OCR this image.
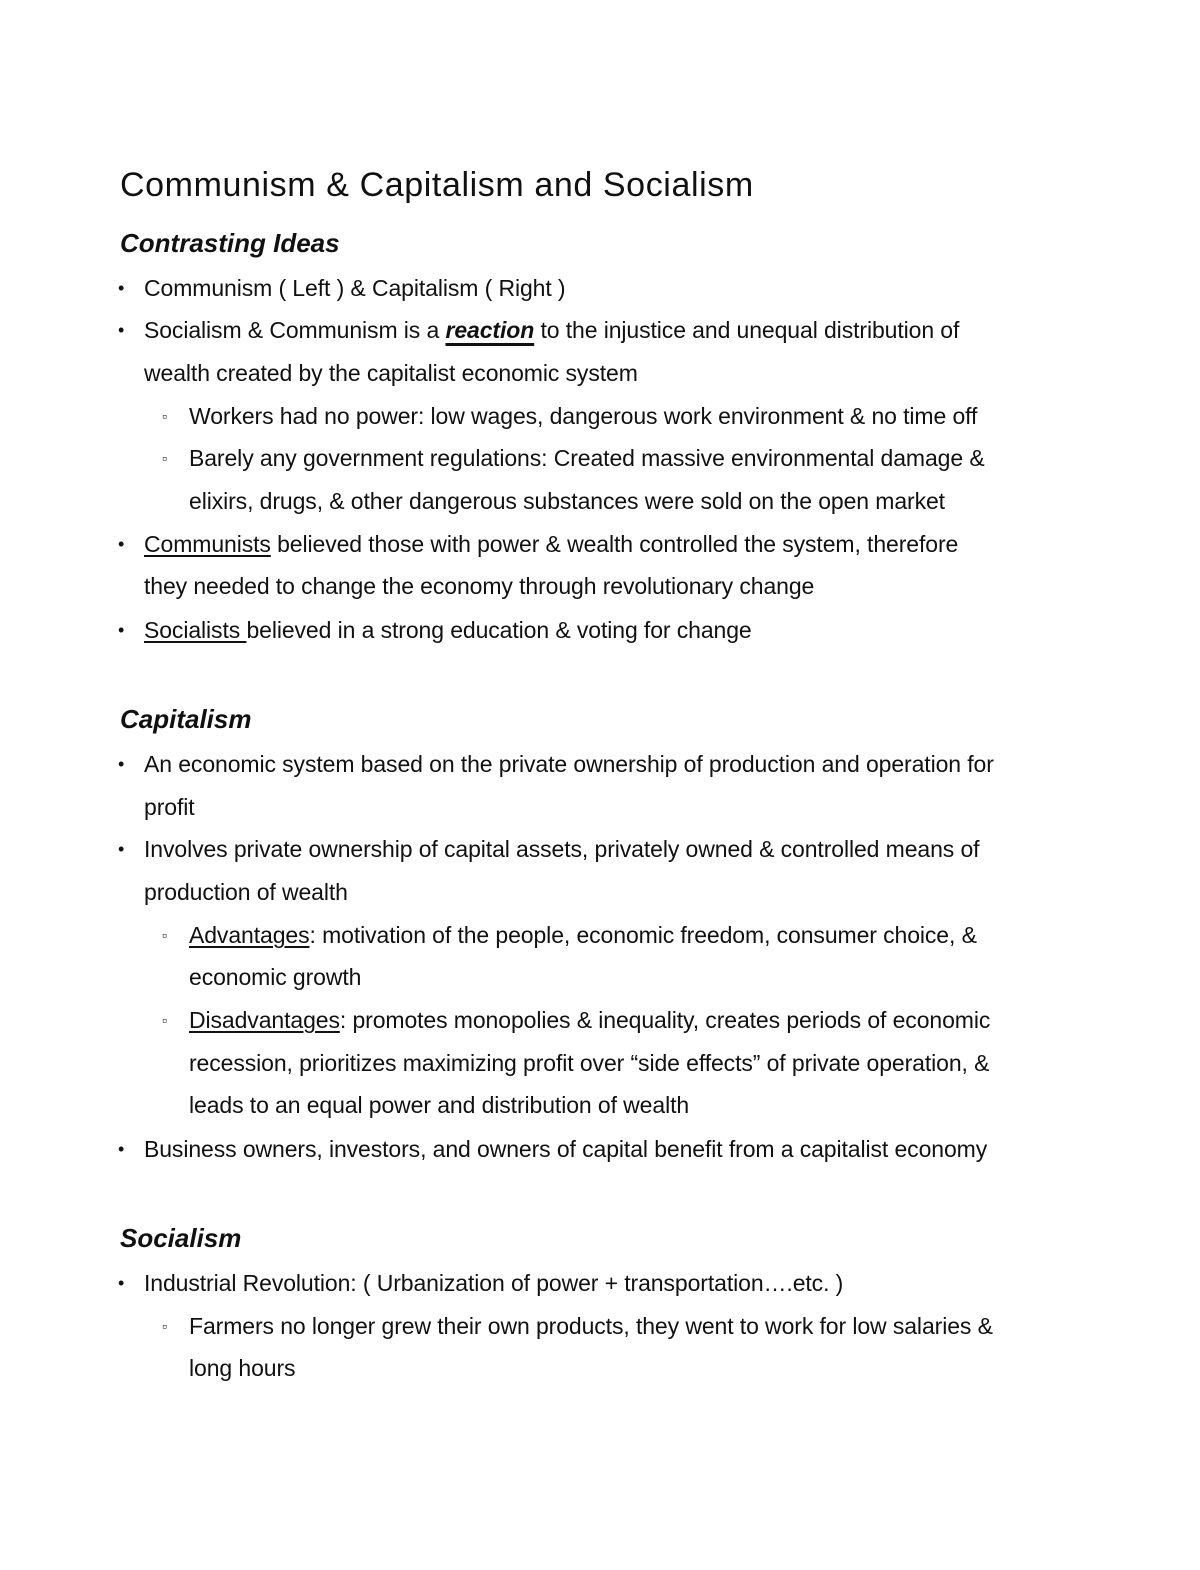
Communism & Capitalism and Socialism
Contrasting Ideas
• Communism ( Left ) & Capitalism ( Right )
• Socialism & Communism is a reaction to the injustice and unequal distribution of
wealth created by the capitalist economic system
▫ Workers had no power: low wages, dangerous work environment & no time off
▫ Barely any government regulations: Created massive environmental damage &
elixirs, drugs, & other dangerous substances were sold on the open market
• Communists believed those with power & wealth controlled the system, therefore
they needed to change the economy through revolutionary change
• Socialists believed in a strong education & voting for change
Capitalism
• An economic system based on the private ownership of production and operation for
profit
• Involves private ownership of capital assets, privately owned & controlled means of
production of wealth
▫ Advantages: motivation of the people, economic freedom, consumer choice, &
economic growth
▫ Disadvantages: promotes monopolies & inequality, creates periods of economic
recession, prioritizes maximizing profit over “side effects” of private operation, &
leads to an equal power and distribution of wealth
• Business owners, investors, and owners of capital benefit from a capitalist economy
Socialism
• Industrial Revolution: ( Urbanization of power + transportation….etc. )
▫ Farmers no longer grew their own products, they went to work for low salaries &
long hours
